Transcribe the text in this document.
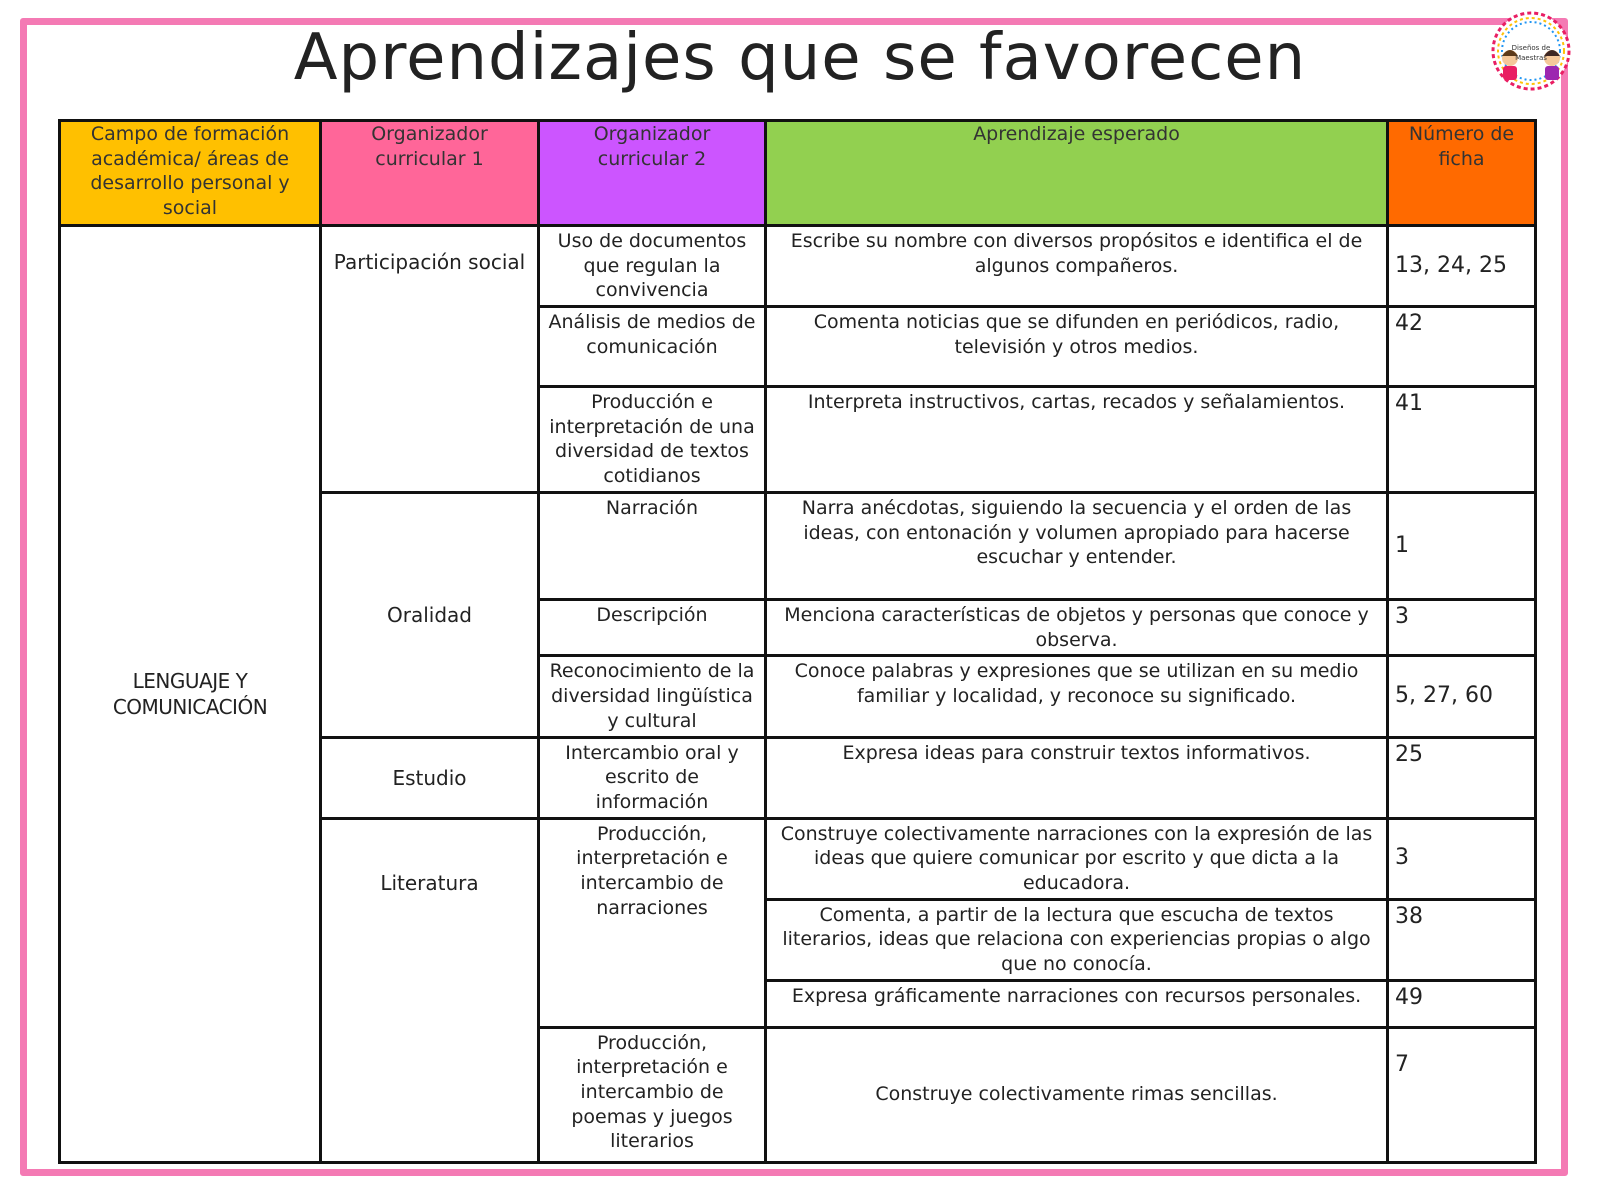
Aprendizajes que se favorecen	Diseños de
Maestras
Campo de formación académica/ áreas de desarrollo personal y social	Organizador curricular 1	Organizador curricular 2	Aprendizaje esperado	Número de ficha
LENGUAJE Y COMUNICACIÓN	Participación social	Uso de documentos que regulan la convivencia	Escribe su nombre con diversos propósitos e identifica el de algunos compañeros.	13, 24, 25
		Análisis de medios de comunicación	Comenta noticias que se difunden en periódicos, radio, televisión y otros medios.	42
		Producción e interpretación de una diversidad de textos cotidianos	Interpreta instructivos, cartas, recados y señalamientos.	41
	Oralidad	Narración	Narra anécdotas, siguiendo la secuencia y el orden de las ideas, con entonación y volumen apropiado para hacerse escuchar y entender.	1
		Descripción	Menciona características de objetos y personas que conoce y observa.	3
		Reconocimiento de la diversidad lingüística y cultural	Conoce palabras y expresiones que se utilizan en su medio familiar y localidad, y reconoce su significado.	5, 27, 60
	Estudio	Intercambio oral y escrito de información	Expresa ideas para construir textos informativos.	25
	Literatura	Producción, interpretación e intercambio de narraciones	Construye colectivamente narraciones con la expresión de las ideas que quiere comunicar por escrito y que dicta a la educadora.	3
			Comenta, a partir de la lectura que escucha de textos literarios, ideas que relaciona con experiencias propias o algo que no conocía.	38
			Expresa gráficamente narraciones con recursos personales.	49
		Producción, interpretación e intercambio de poemas y juegos literarios	Construye colectivamente rimas sencillas.	7
